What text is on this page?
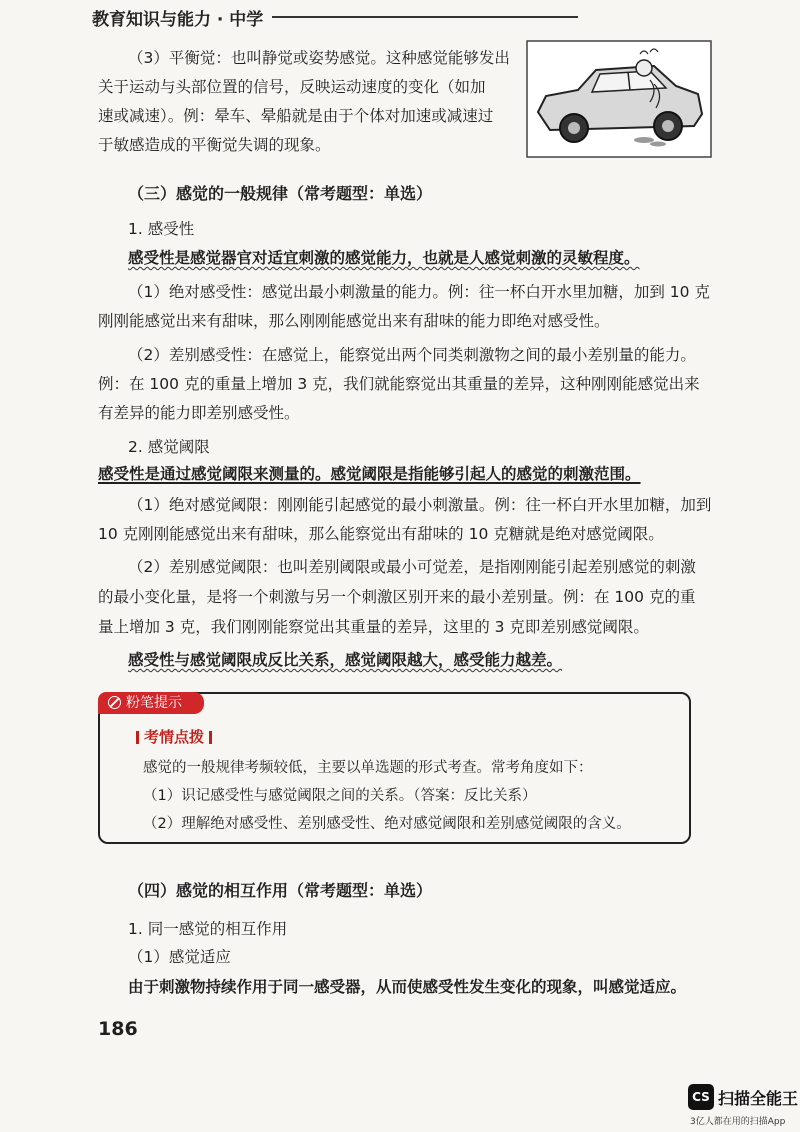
教育知识与能力 · 中学
（3）平衡觉：也叫静觉或姿势感觉。这种感觉能够发出
关于运动与头部位置的信号，反映运动速度的变化（如加
速或减速）。例：晕车、晕船就是由于个体对加速或减速过
于敏感造成的平衡觉失调的现象。
（三）感觉的一般规律（常考题型：单选）
1. 感受性
感受性是感觉器官对适宜刺激的感觉能力，也就是人感觉刺激的灵敏程度。
（1）绝对感受性：感觉出最小刺激量的能力。例：往一杯白开水里加糖，加到 10 克
刚刚能感觉出来有甜味，那么刚刚能感觉出来有甜味的能力即绝对感受性。
（2）差别感受性：在感觉上，能察觉出两个同类刺激物之间的最小差别量的能力。
例：在 100 克的重量上增加 3 克，我们就能察觉出其重量的差异，这种刚刚能感觉出来
有差异的能力即差别感受性。
2. 感觉阈限
感受性是通过感觉阈限来测量的。感觉阈限是指能够引起人的感觉的刺激范围。
（1）绝对感觉阈限：刚刚能引起感觉的最小刺激量。例：往一杯白开水里加糖，加到
10 克刚刚能感觉出来有甜味，那么能察觉出有甜味的 10 克糖就是绝对感觉阈限。
（2）差别感觉阈限：也叫差别阈限或最小可觉差，是指刚刚能引起差别感觉的刺激
的最小变化量，是将一个刺激与另一个刺激区别开来的最小差别量。例：在 100 克的重
量上增加 3 克，我们刚刚能察觉出其重量的差异，这里的 3 克即差别感觉阈限。
感受性与感觉阈限成反比关系，感觉阈限越大，感受能力越差。
粉笔提示
考情点拨
感觉的一般规律考频较低，主要以单选题的形式考查。常考角度如下：
（1）识记感受性与感觉阈限之间的关系。（答案：反比关系）
（2）理解绝对感受性、差别感受性、绝对感觉阈限和差别感觉阈限的含义。
（四）感觉的相互作用（常考题型：单选）
1. 同一感觉的相互作用
（1）感觉适应
由于刺激物持续作用于同一感受器，从而使感受性发生变化的现象，叫感觉适应。
186
CS 扫描全能王
3亿人都在用的扫描App
